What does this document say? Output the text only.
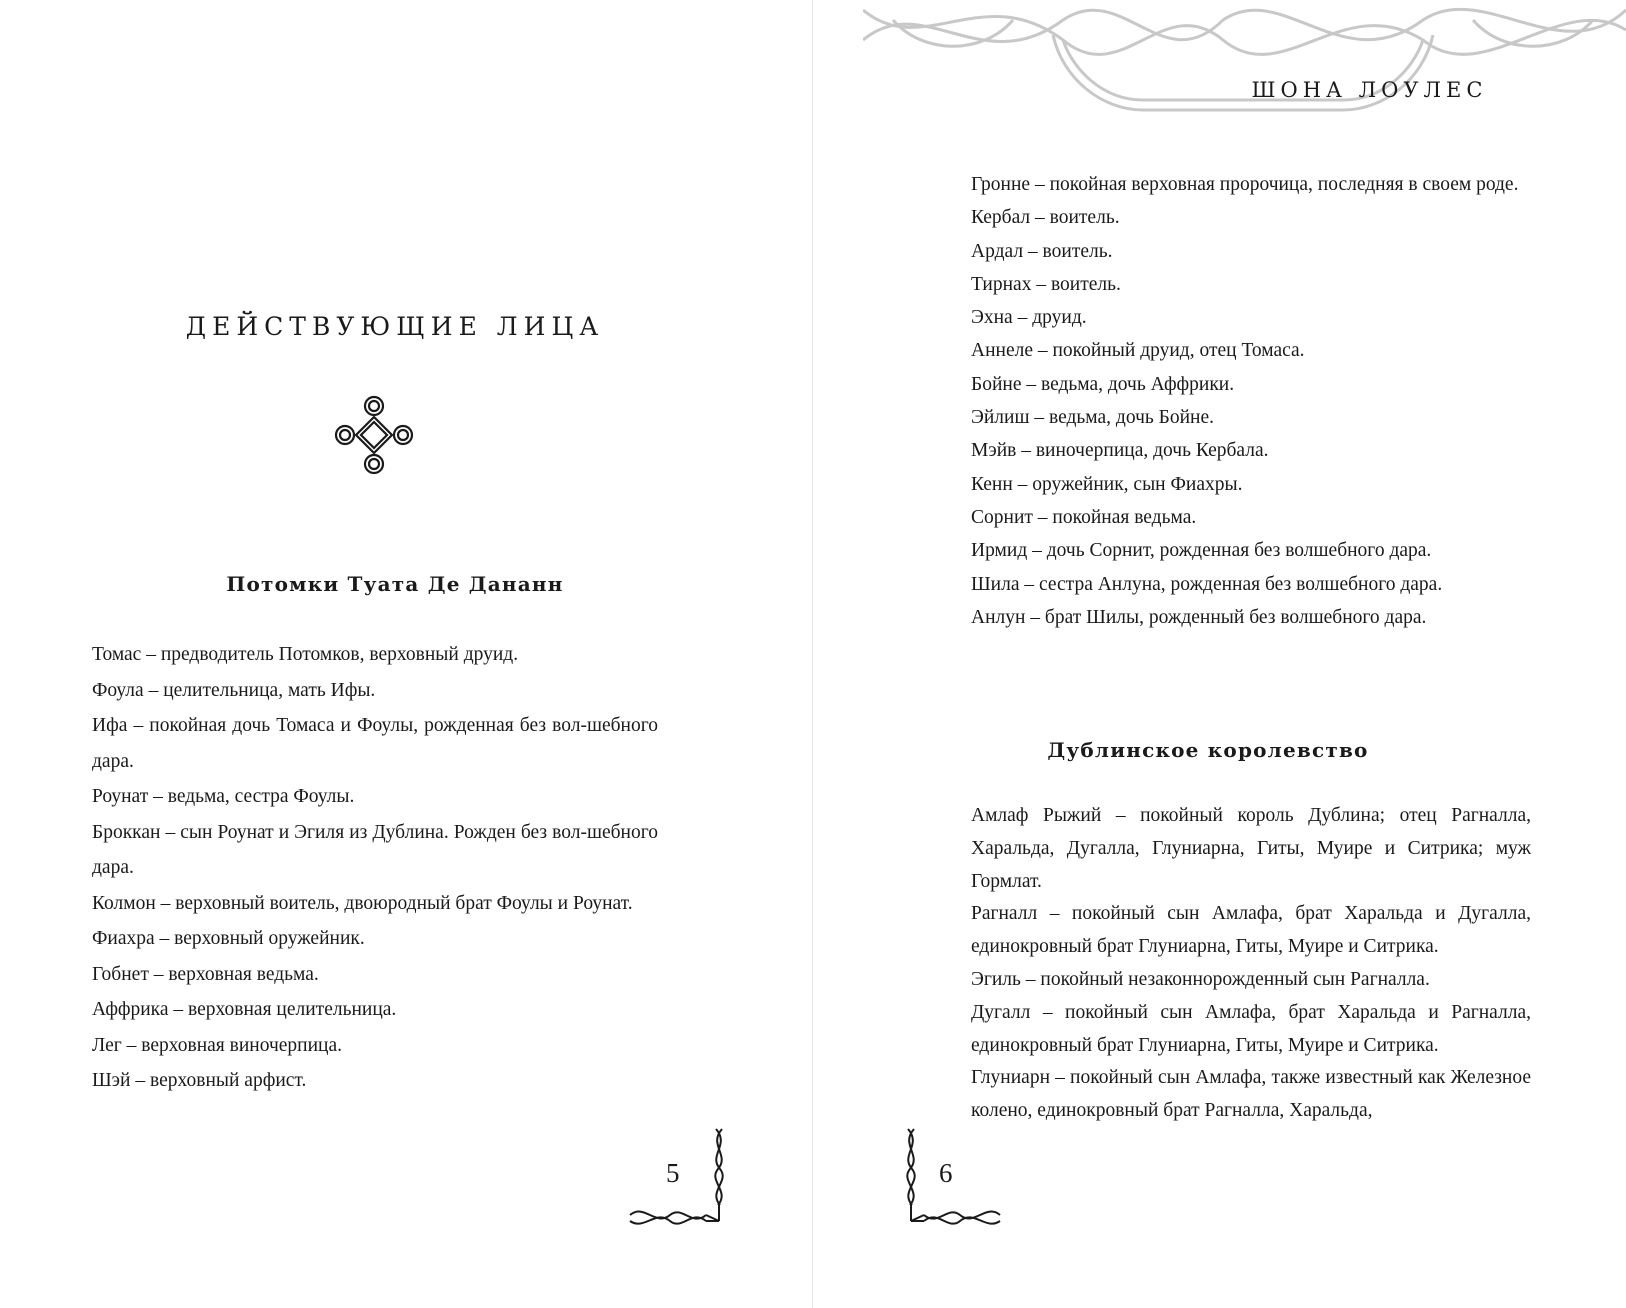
ДЕЙСТВУЮЩИЕ ЛИЦА
Потомки Туата Де Дананн
Томас – предводитель Потомков, верховный друид.
Фоула – целительница, мать Ифы.
Ифа – покойная дочь Томаса и Фоулы, рожденная без вол-шебного дара.
Роунат – ведьма, сестра Фоулы.
Броккан – сын Роунат и Эгиля из Дублина. Рожден без вол-шебного дара.
Колмон – верховный воитель, двоюродный брат Фоулы и Роунат.
Фиахра – верховный оружейник.
Гобнет – верховная ведьма.
Аффрика – верховная целительница.
Лег – верховная виночерпица.
Шэй – верховный арфист.
5
ШОНА ЛОУЛЕС
Гронне – покойная верховная пророчица, последняя в своем роде.
Кербал – воитель.
Ардал – воитель.
Тирнах – воитель.
Эхна – друид.
Аннеле – покойный друид, отец Томаса.
Бойне – ведьма, дочь Аффрики.
Эйлиш – ведьма, дочь Бойне.
Мэйв – виночерпица, дочь Кербала.
Кенн – оружейник, сын Фиахры.
Сорнит – покойная ведьма.
Ирмид – дочь Сорнит, рожденная без волшебного дара.
Шила – сестра Анлуна, рожденная без волшебного дара.
Анлун – брат Шилы, рожденный без волшебного дара.
Дублинское королевство
Амлаф Рыжий – покойный король Дублина; отец Рагналла, Харальда, Дугалла, Глуниарна, Гиты, Муире и Ситрика; муж Гормлат.
Рагналл – покойный сын Амлафа, брат Харальда и Дугалла, единокровный брат Глуниарна, Гиты, Муире и Ситрика.
Эгиль – покойный незаконнорожденный сын Рагналла.
Дугалл – покойный сын Амлафа, брат Харальда и Рагналла, единокровный брат Глуниарна, Гиты, Муире и Ситрика.
Глуниарн – покойный сын Амлафа, также известный как Железное колено, единокровный брат Рагналла, Харальда,
6
